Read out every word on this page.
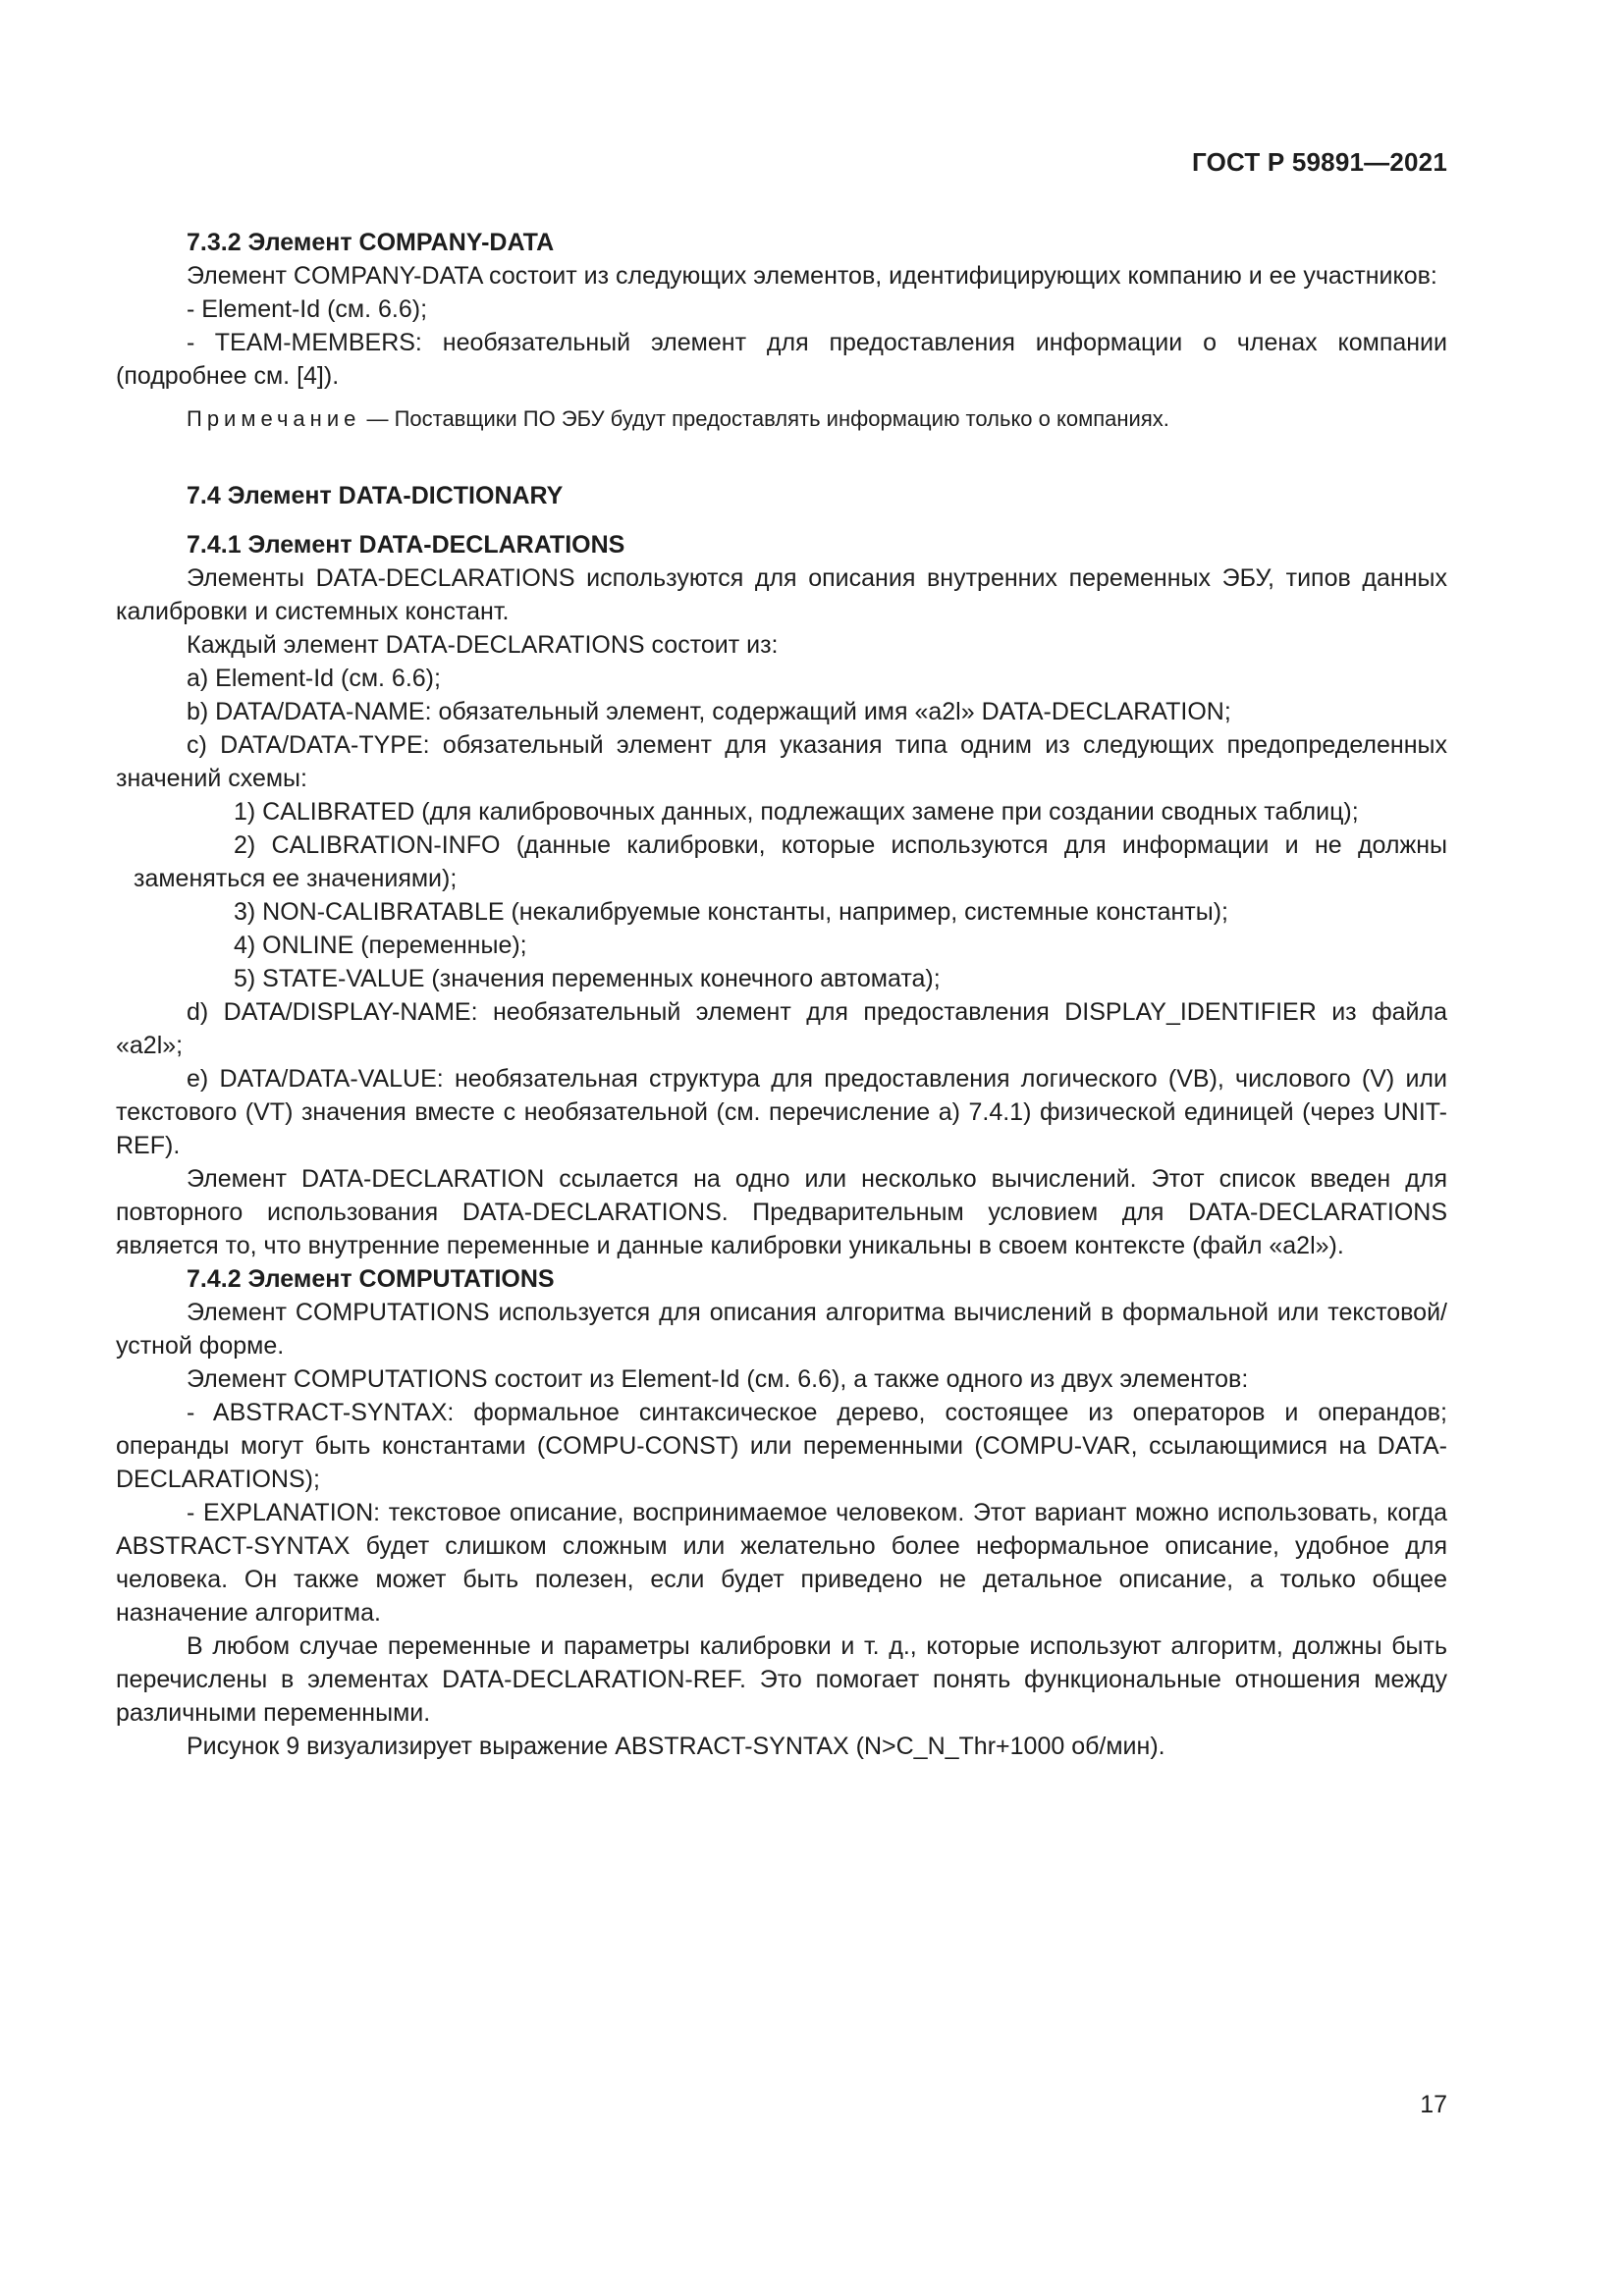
ГОСТ Р 59891—2021

7.3.2 Элемент COMPANY-DATA

Элемент COMPANY-DATA состоит из следующих элементов, идентифицирующих компанию и ее участников:

- Element-Id (см. 6.6);

- TEAM-MEMBERS: необязательный элемент для предоставления информации о членах компании (подробнее см. [4]).

Примечание — Поставщики ПО ЭБУ будут предоставлять информацию только о компаниях.

7.4 Элемент DATA-DICTIONARY

7.4.1 Элемент DATA-DECLARATIONS

Элементы DATA-DECLARATIONS используются для описания внутренних переменных ЭБУ, типов данных калибровки и системных констант.

Каждый элемент DATA-DECLARATIONS состоит из:

a) Element-Id (см. 6.6);

b) DATA/DATA-NAME: обязательный элемент, содержащий имя «a2l» DATA-DECLARATION;

c) DATA/DATA-TYPE: обязательный элемент для указания типа одним из следующих предопределенных значений схемы:

1) CALIBRATED (для калибровочных данных, подлежащих замене при создании сводных таблиц);

2) CALIBRATION-INFO (данные калибровки, которые используются для информации и не должны заменяться ее значениями);

3) NON-CALIBRATABLE (некалибруемые константы, например, системные константы);

4) ONLINE (переменные);

5) STATE-VALUE (значения переменных конечного автомата);

d) DATA/DISPLAY-NAME: необязательный элемент для предоставления DISPLAY_IDENTIFIER из файла «a2l»;

e) DATA/DATA-VALUE: необязательная структура для предоставления логического (VB), числового (V) или текстового (VT) значения вместе с необязательной (см. перечисление a) 7.4.1) физической единицей (через UNIT-REF).

Элемент DATA-DECLARATION ссылается на одно или несколько вычислений. Этот список введен для повторного использования DATA-DECLARATIONS. Предварительным условием для DATA-DECLARATIONS является то, что внутренние переменные и данные калибровки уникальны в своем контексте (файл «a2l»).

7.4.2 Элемент COMPUTATIONS

Элемент COMPUTATIONS используется для описания алгоритма вычислений в формальной или текстовой/устной форме.

Элемент COMPUTATIONS состоит из Element-Id (см. 6.6), а также одного из двух элементов:

- ABSTRACT-SYNTAX: формальное синтаксическое дерево, состоящее из операторов и операндов; операнды могут быть константами (COMPU-CONST) или переменными (COMPU-VAR, ссылающимися на DATA-DECLARATIONS);

- EXPLANATION: текстовое описание, воспринимаемое человеком. Этот вариант можно использовать, когда ABSTRACT-SYNTAX будет слишком сложным или желательно более неформальное описание, удобное для человека. Он также может быть полезен, если будет приведено не детальное описание, а только общее назначение алгоритма.

В любом случае переменные и параметры калибровки и т. д., которые используют алгоритм, должны быть перечислены в элементах DATA-DECLARATION-REF. Это помогает понять функциональные отношения между различными переменными.

Рисунок 9 визуализирует выражение ABSTRACT-SYNTAX (N>C_N_Thr+1000 об/мин).

17
